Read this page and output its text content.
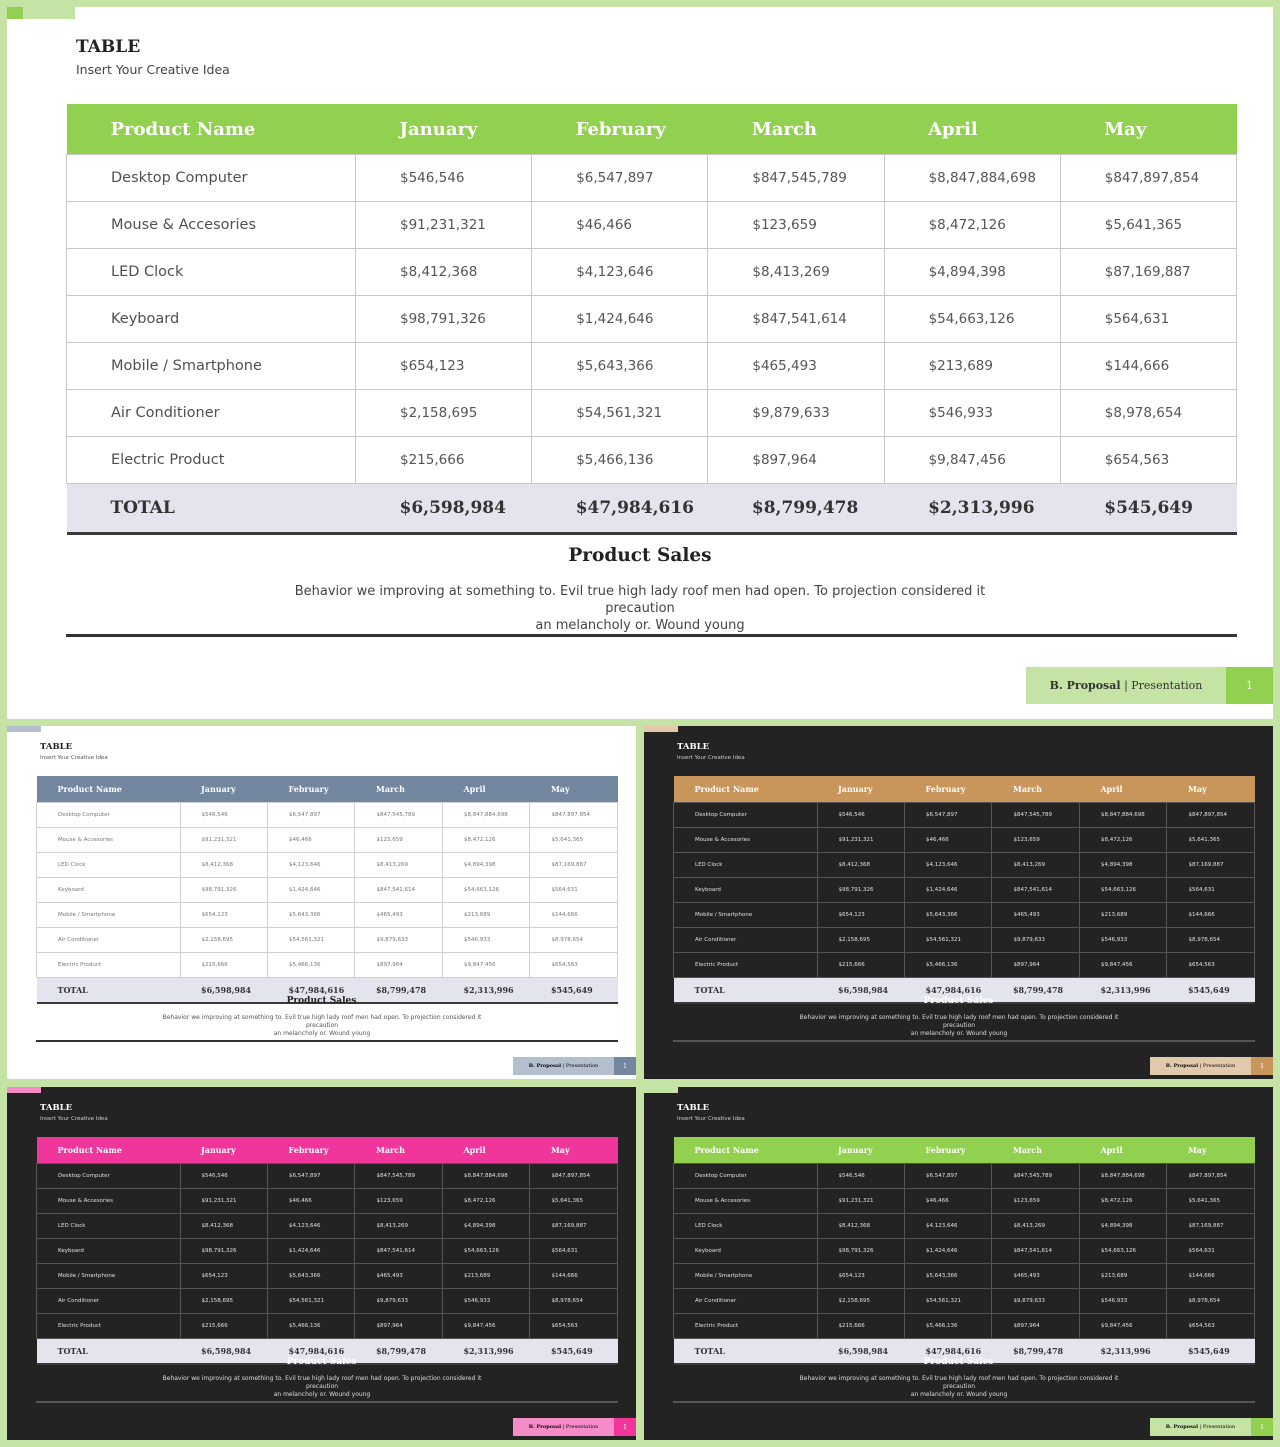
TABLE
Insert Your Creative Idea
Product Name	January	February	March	April	May
Desktop Computer	$546,546	$6,547,897	$847,545,789	$8,847,884,698	$847,897,854
Mouse & Accesories	$91,231,321	$46,466	$123,659	$8,472,126	$5,641,365
LED Clock	$8,412,368	$4,123,646	$8,413,269	$4,894,398	$87,169,887
Keyboard	$98,791,326	$1,424,646	$847,541,614	$54,663,126	$564,631
Mobile / Smartphone	$654,123	$5,643,366	$465,493	$213,689	$144,666
Air Conditioner	$2,158,695	$54,561,321	$9,879,633	$546,933	$8,978,654
Electric Product	$215,666	$5,466,136	$897,964	$9,847,456	$654,563
TOTAL	$6,598,984	$47,984,616	$8,799,478	$2,313,996	$545,649
Product Sales
Behavior we improving at something to. Evil true high lady roof men had open. To projection considered it precaution
an melancholy or. Wound young
B. Proposal | Presentation	1
TABLE
Insert Your Creative Idea
Product Name	January	February	March	April	May
Desktop Computer	$546,546	$6,547,897	$847,545,789	$8,847,884,698	$847,897,854
Mouse & Accesories	$91,231,321	$46,466	$123,659	$8,472,126	$5,641,365
LED Clock	$8,412,368	$4,123,646	$8,413,269	$4,894,398	$87,169,887
Keyboard	$98,791,326	$1,424,646	$847,541,614	$54,663,126	$564,631
Mobile / Smartphone	$654,123	$5,643,366	$465,493	$213,689	$144,666
Air Conditioner	$2,158,695	$54,561,321	$9,879,633	$546,933	$8,978,654
Electric Product	$215,666	$5,466,136	$897,964	$9,847,456	$654,563
TOTAL	$6,598,984	$47,984,616	$8,799,478	$2,313,996	$545,649
Product Sales
Behavior we improving at something to. Evil true high lady roof men had open. To projection considered it precaution
an melancholy or. Wound young
B. Proposal | Presentation	1
TABLE
Insert Your Creative Idea
Product Name	January	February	March	April	May
Desktop Computer	$546,546	$6,547,897	$847,545,789	$8,847,884,698	$847,897,854
Mouse & Accesories	$91,231,321	$46,466	$123,659	$8,472,126	$5,641,365
LED Clock	$8,412,368	$4,123,646	$8,413,269	$4,894,398	$87,169,887
Keyboard	$98,791,326	$1,424,646	$847,541,614	$54,663,126	$564,631
Mobile / Smartphone	$654,123	$5,643,366	$465,493	$213,689	$144,666
Air Conditioner	$2,158,695	$54,561,321	$9,879,633	$546,933	$8,978,654
Electric Product	$215,666	$5,466,136	$897,964	$9,847,456	$654,563
TOTAL	$6,598,984	$47,984,616	$8,799,478	$2,313,996	$545,649
Product Sales
Behavior we improving at something to. Evil true high lady roof men had open. To projection considered it precaution
an melancholy or. Wound young
B. Proposal | Presentation	1
TABLE
Insert Your Creative Idea
Product Name	January	February	March	April	May
Desktop Computer	$546,546	$6,547,897	$847,545,789	$8,847,884,698	$847,897,854
Mouse & Accesories	$91,231,321	$46,466	$123,659	$8,472,126	$5,641,365
LED Clock	$8,412,368	$4,123,646	$8,413,269	$4,894,398	$87,169,887
Keyboard	$98,791,326	$1,424,646	$847,541,614	$54,663,126	$564,631
Mobile / Smartphone	$654,123	$5,643,366	$465,493	$213,689	$144,666
Air Conditioner	$2,158,695	$54,561,321	$9,879,633	$546,933	$8,978,654
Electric Product	$215,666	$5,466,136	$897,964	$9,847,456	$654,563
TOTAL	$6,598,984	$47,984,616	$8,799,478	$2,313,996	$545,649
Product Sales
Behavior we improving at something to. Evil true high lady roof men had open. To projection considered it precaution
an melancholy or. Wound young
B. Proposal | Presentation	1
TABLE
Insert Your Creative Idea
Product Name	January	February	March	April	May
Desktop Computer	$546,546	$6,547,897	$847,545,789	$8,847,884,698	$847,897,854
Mouse & Accesories	$91,231,321	$46,466	$123,659	$8,472,126	$5,641,365
LED Clock	$8,412,368	$4,123,646	$8,413,269	$4,894,398	$87,169,887
Keyboard	$98,791,326	$1,424,646	$847,541,614	$54,663,126	$564,631
Mobile / Smartphone	$654,123	$5,643,366	$465,493	$213,689	$144,666
Air Conditioner	$2,158,695	$54,561,321	$9,879,633	$546,933	$8,978,654
Electric Product	$215,666	$5,466,136	$897,964	$9,847,456	$654,563
TOTAL	$6,598,984	$47,984,616	$8,799,478	$2,313,996	$545,649
Product Sales
Behavior we improving at something to. Evil true high lady roof men had open. To projection considered it precaution
an melancholy or. Wound young
B. Proposal | Presentation	1
